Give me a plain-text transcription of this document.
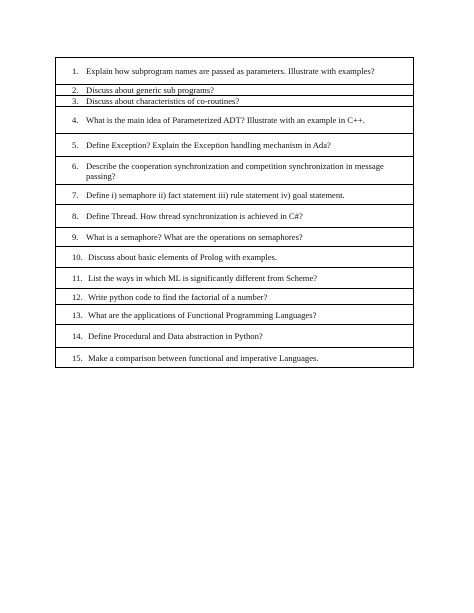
1. Explain how subprogram names are passed as parameters. Illustrate with examples?

2. Discuss about generic sub programs?

3. Discuss about characteristics of co-routines?

4. What is the main idea of Parameterized ADT? Illustrate with an example in C++.

5. Define Exception? Explain the Exception handling mechanism in Ada?

6. Describe the cooperation synchronization and competition synchronization in message passing?

7. Define i) semaphore ii) fact statement iii) rule statement iv) goal statement.

8. Define Thread. How thread synchronization is achieved in C#?

9. What is a semaphore? What are the operations on semaphores?

10. Discuss about basic elements of Prolog with examples.

11. List the ways in which ML is significantly different from Scheme?

12. Write python code to find the factorial of a number?

13. What are the applications of Functional Programming Languages?

14. Define Procedural and Data abstraction in Python?

15. Make a comparison between functional and imperative Languages.
